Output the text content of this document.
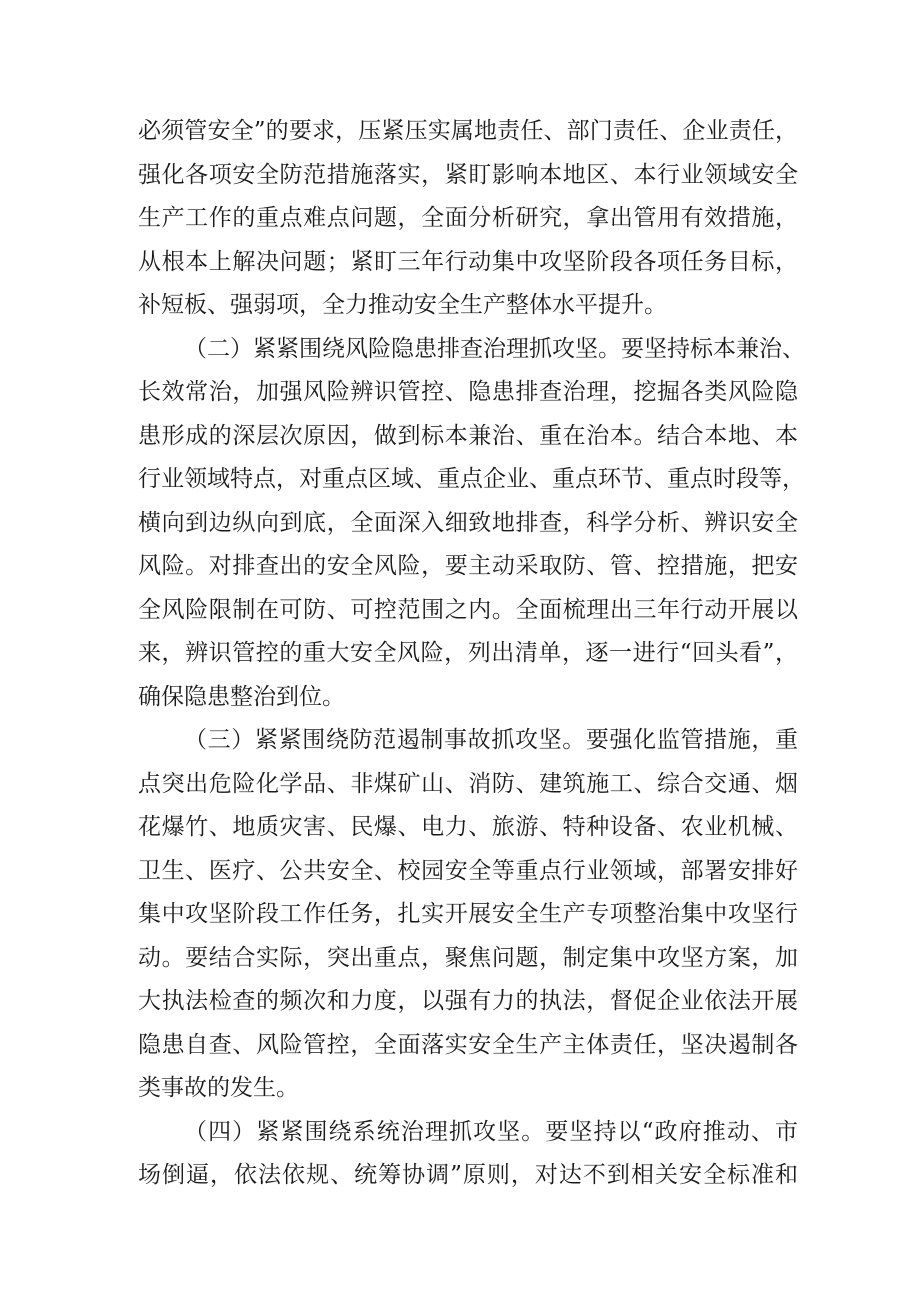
必须管安全”的要求，压紧压实属地责任、部门责任、企业责任，
强化各项安全防范措施落实，紧盯影响本地区、本行业领域安全
生产工作的重点难点问题，全面分析研究，拿出管用有效措施，
从根本上解决问题；紧盯三年行动集中攻坚阶段各项任务目标，
补短板、强弱项，全力推动安全生产整体水平提升。
（二）紧紧围绕风险隐患排查治理抓攻坚。要坚持标本兼治、
长效常治，加强风险辨识管控、隐患排查治理，挖掘各类风险隐
患形成的深层次原因，做到标本兼治、重在治本。结合本地、本
行业领域特点，对重点区域、重点企业、重点环节、重点时段等，
横向到边纵向到底，全面深入细致地排查，科学分析、辨识安全
风险。对排查出的安全风险，要主动采取防、管、控措施，把安
全风险限制在可防、可控范围之内。全面梳理出三年行动开展以
来，辨识管控的重大安全风险，列出清单，逐一进行“回头看”，
确保隐患整治到位。
（三）紧紧围绕防范遏制事故抓攻坚。要强化监管措施，重
点突出危险化学品、非煤矿山、消防、建筑施工、综合交通、烟
花爆竹、地质灾害、民爆、电力、旅游、特种设备、农业机械、
卫生、医疗、公共安全、校园安全等重点行业领域，部署安排好
集中攻坚阶段工作任务，扎实开展安全生产专项整治集中攻坚行
动。要结合实际，突出重点，聚焦问题，制定集中攻坚方案，加
大执法检查的频次和力度，以强有力的执法，督促企业依法开展
隐患自查、风险管控，全面落实安全生产主体责任，坚决遏制各
类事故的发生。
（四）紧紧围绕系统治理抓攻坚。要坚持以“政府推动、市
场倒逼，依法依规、统筹协调”原则，对达不到相关安全标准和
